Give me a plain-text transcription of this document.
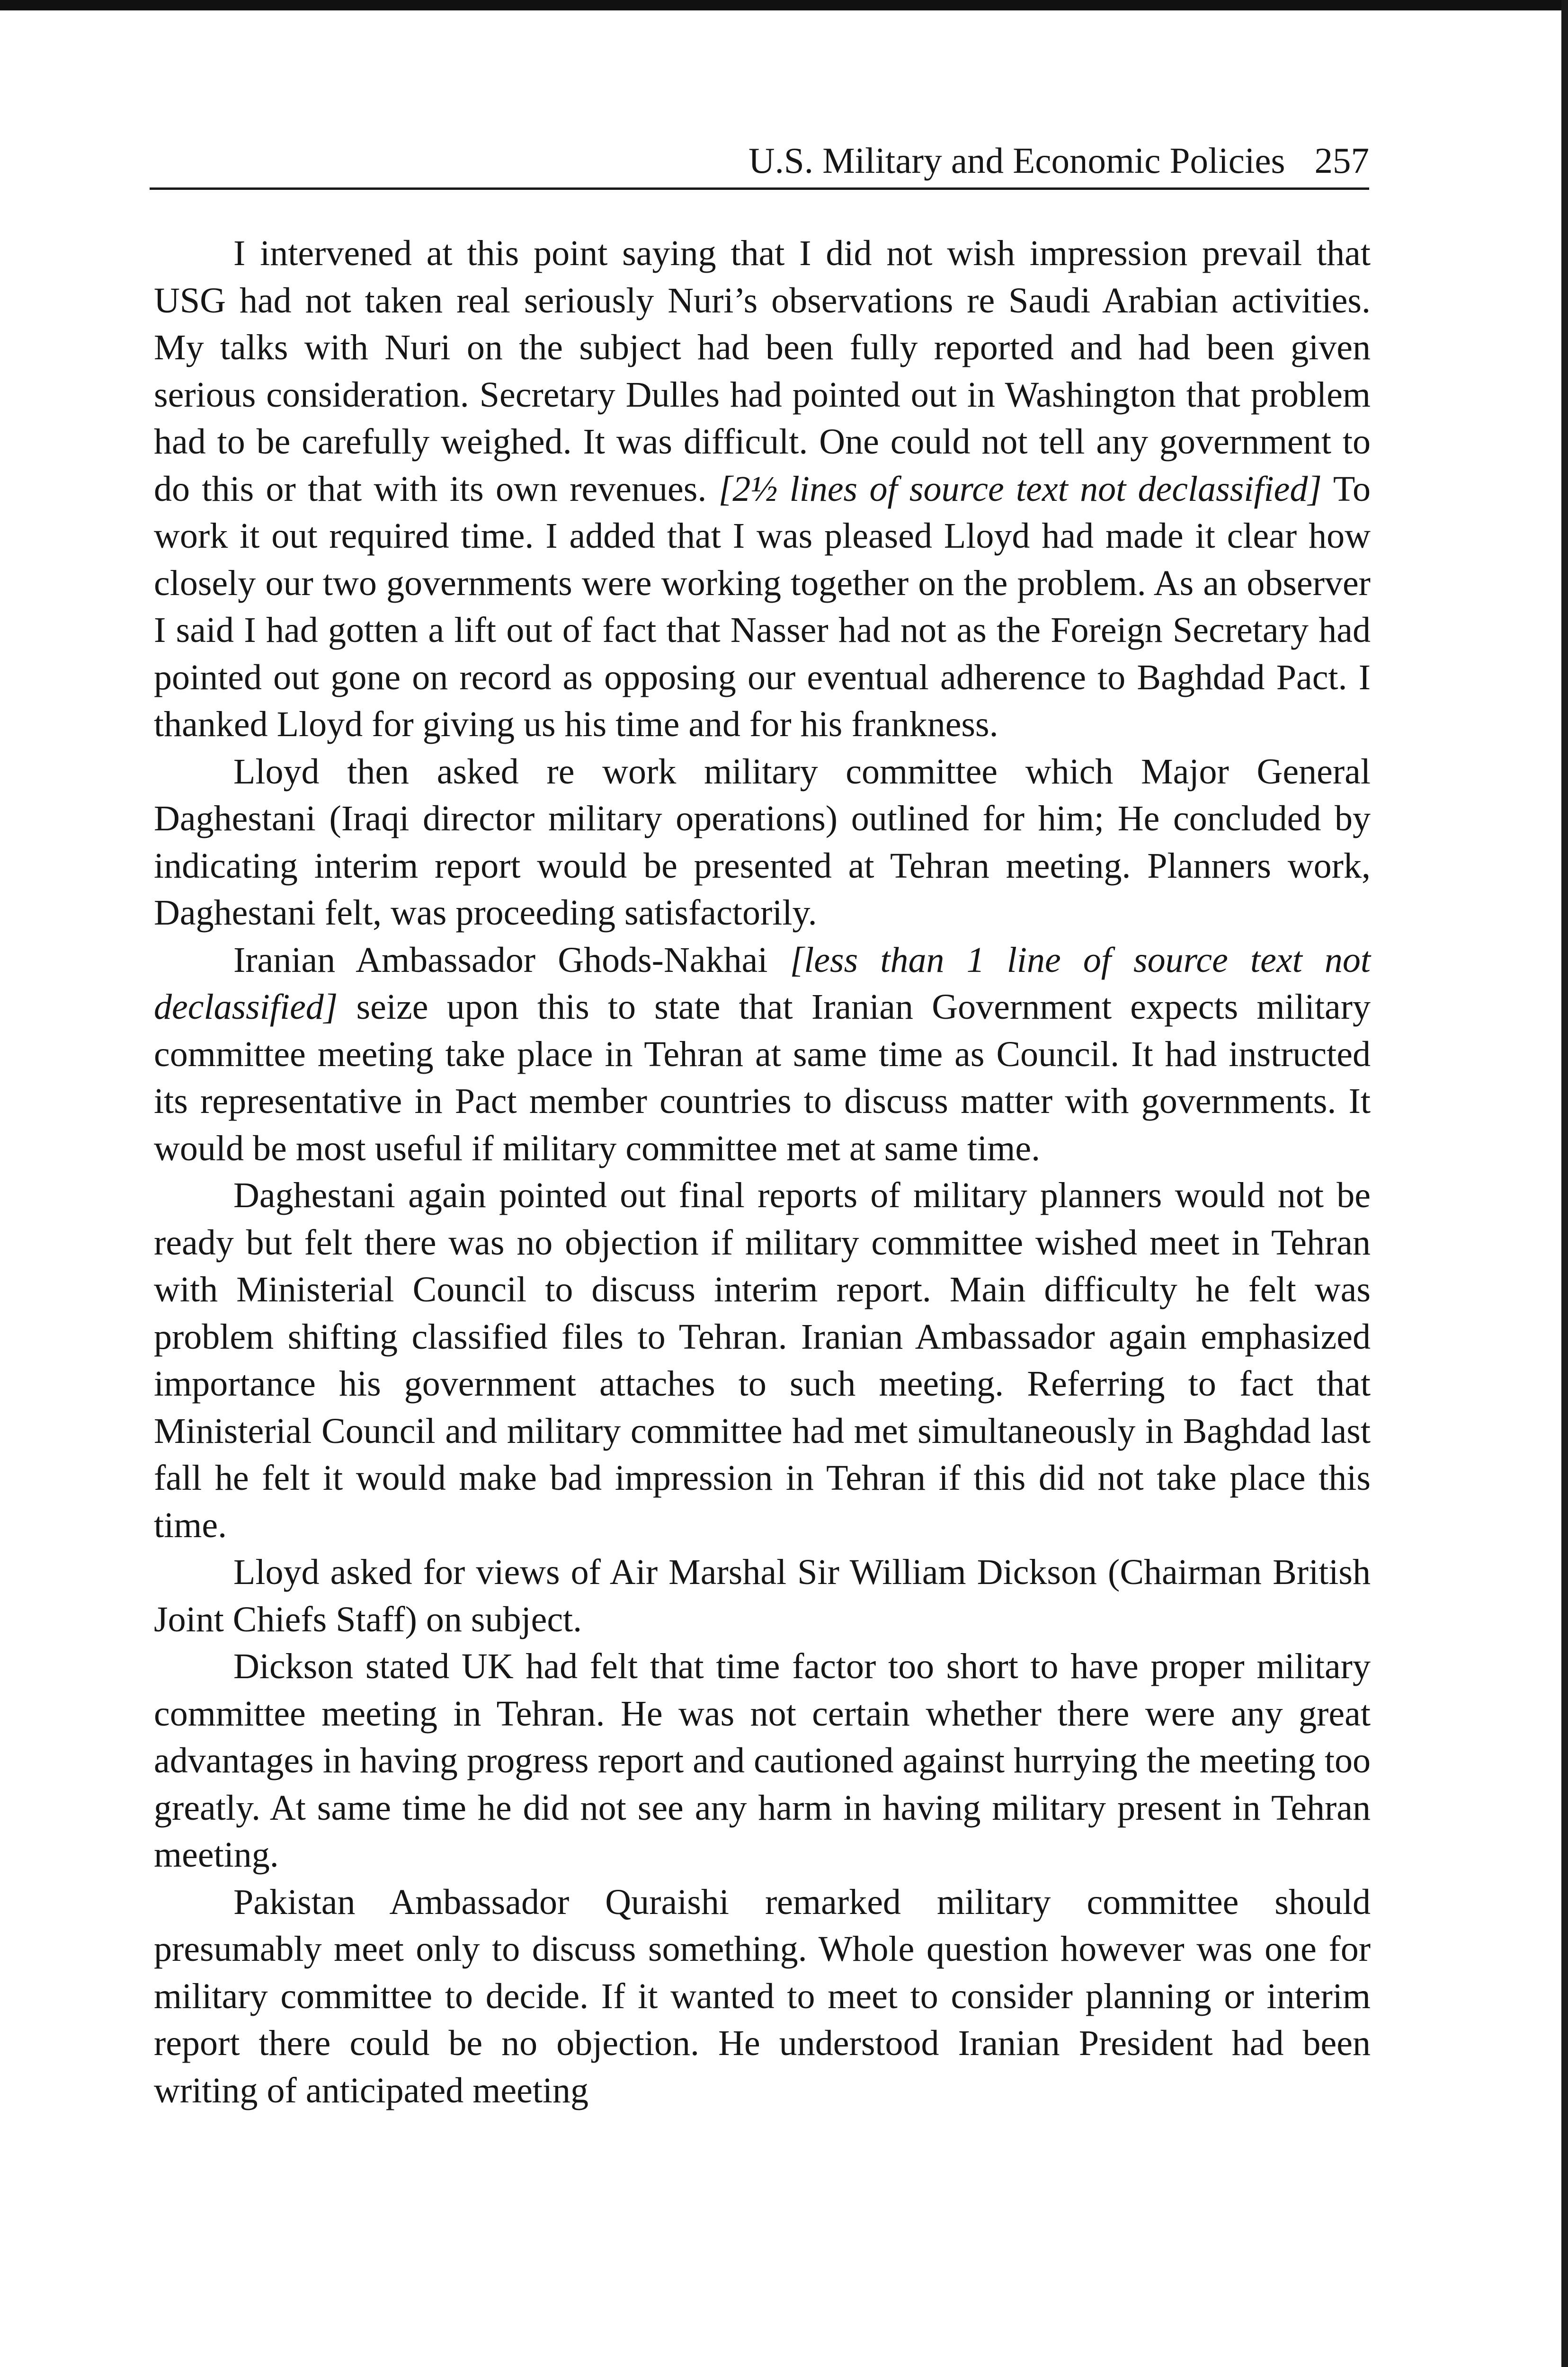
U.S. Military and Economic Policies 257

I intervened at this point saying that I did not wish impression prevail that USG had not taken real seriously Nuri’s observations re Saudi Arabian activities. My talks with Nuri on the subject had been fully reported and had been given serious consideration. Secretary Dulles had pointed out in Washington that problem had to be carefully weighed. It was difficult. One could not tell any government to do this or that with its own revenues. [2½ lines of source text not declassified] To work it out required time. I added that I was pleased Lloyd had made it clear how closely our two governments were working together on the problem. As an observer I said I had gotten a lift out of fact that Nasser had not as the Foreign Secretary had pointed out gone on record as opposing our eventual adherence to Baghdad Pact. I thanked Lloyd for giving us his time and for his frankness.

Lloyd then asked re work military committee which Major General Daghestani (Iraqi director military operations) outlined for him; He concluded by indicating interim report would be presented at Tehran meeting. Planners work, Daghestani felt, was proceeding satisfactorily.

Iranian Ambassador Ghods-Nakhai [less than 1 line of source text not declassified] seize upon this to state that Iranian Government expects military committee meeting take place in Tehran at same time as Council. It had instructed its representative in Pact member countries to discuss matter with governments. It would be most useful if military committee met at same time.

Daghestani again pointed out final reports of military planners would not be ready but felt there was no objection if military committee wished meet in Tehran with Ministerial Council to discuss interim report. Main difficulty he felt was problem shifting classified files to Tehran. Iranian Ambassador again emphasized importance his government attaches to such meeting. Referring to fact that Ministerial Council and military committee had met simultaneously in Baghdad last fall he felt it would make bad impression in Tehran if this did not take place this time.

Lloyd asked for views of Air Marshal Sir William Dickson (Chairman British Joint Chiefs Staff) on subject.

Dickson stated UK had felt that time factor too short to have proper military committee meeting in Tehran. He was not certain whether there were any great advantages in having progress report and cautioned against hurrying the meeting too greatly. At same time he did not see any harm in having military present in Tehran meeting.

Pakistan Ambassador Quraishi remarked military committee should presumably meet only to discuss something. Whole question however was one for military committee to decide. If it wanted to meet to consider planning or interim report there could be no objection. He understood Iranian President had been writing of anticipated meeting
